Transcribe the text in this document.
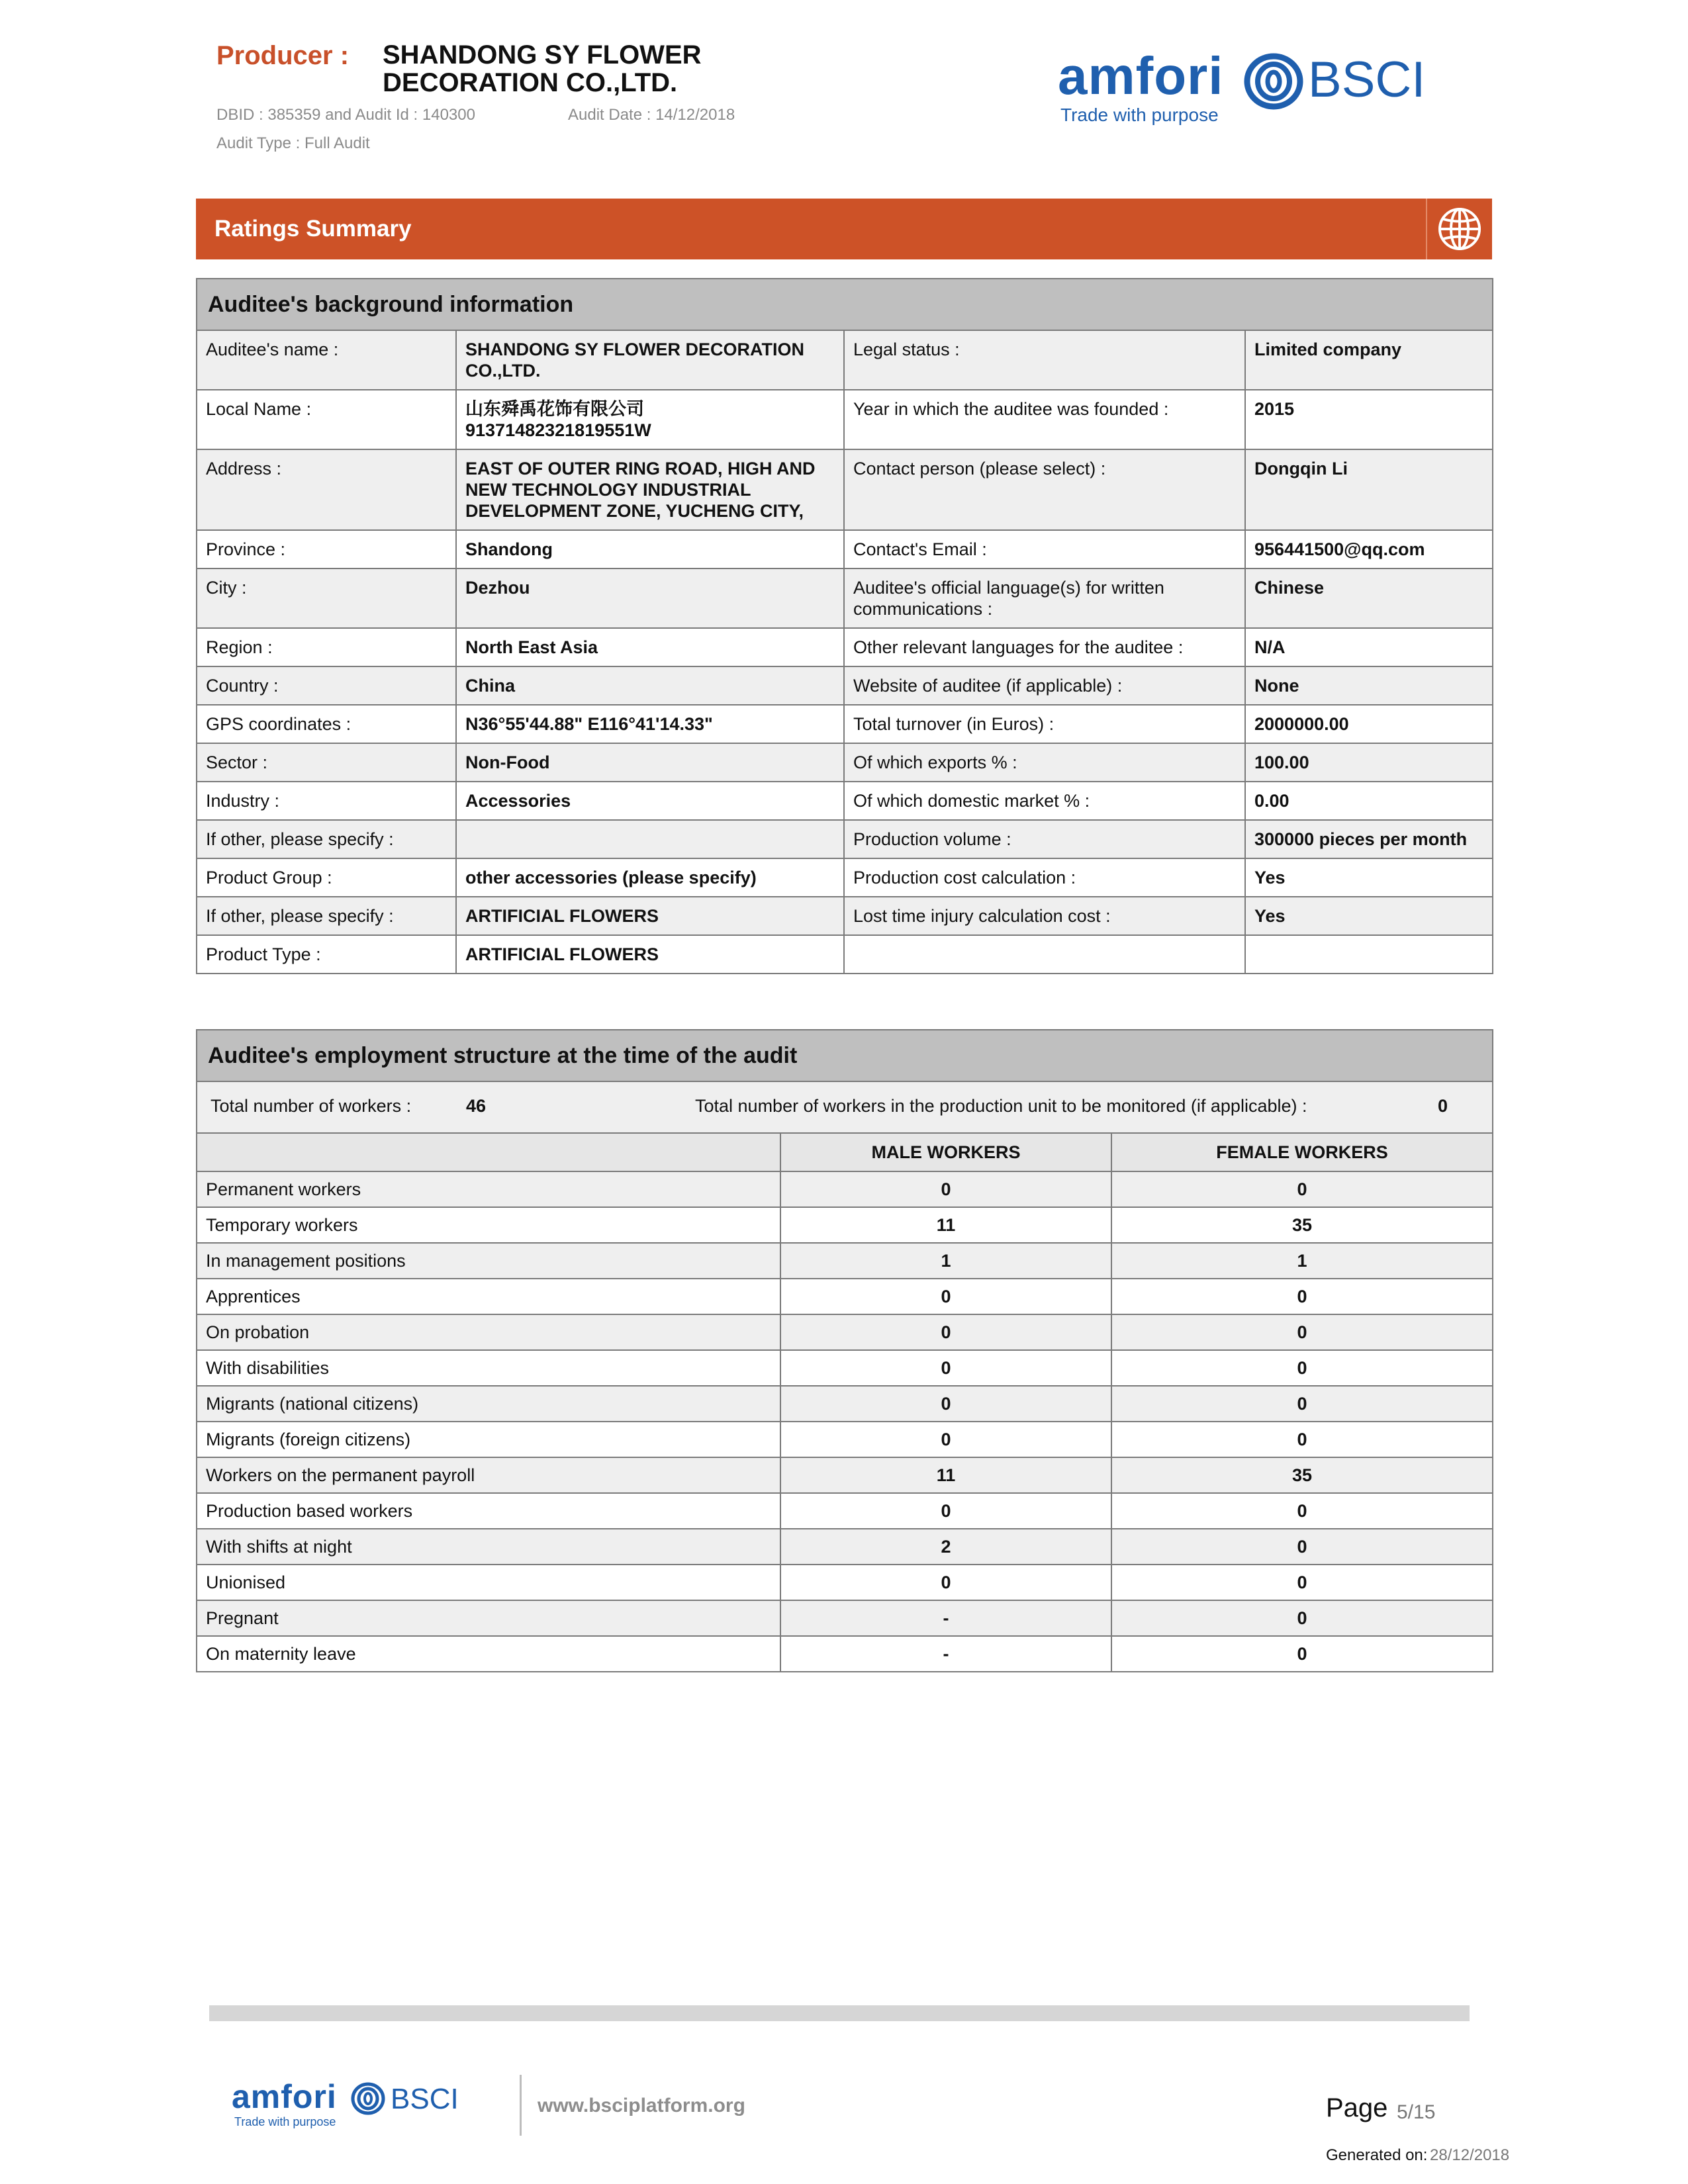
Producer : SHANDONG SY FLOWER
DECORATION CO.,LTD.
DBID : 385359 and Audit Id : 140300	Audit Date : 14/12/2018
Audit Type : Full Audit
amfori BSCI
Trade with purpose
Ratings Summary
Auditee's background information			
Auditee's name :	SHANDONG SY FLOWER DECORATION CO.,LTD.	Legal status :	Limited company
Local Name :	山东舜禹花饰有限公司 91371482321819551W	Year in which the auditee was founded :	2015
Address :	EAST OF OUTER RING ROAD, HIGH AND NEW TECHNOLOGY INDUSTRIAL DEVELOPMENT ZONE, YUCHENG CITY,	Contact person (please select) :	Dongqin Li
Province :	Shandong	Contact's Email :	956441500@qq.com
City :	Dezhou	Auditee's official language(s) for written communications :	Chinese
Region :	North East Asia	Other relevant languages for the auditee :	N/A
Country :	China	Website of auditee (if applicable) :	None
GPS coordinates :	N36°55'44.88" E116°41'14.33"	Total turnover (in Euros) :	2000000.00
Sector :	Non-Food	Of which exports % :	100.00
Industry :	Accessories	Of which domestic market % :	0.00
If other, please specify :		Production volume :	300000 pieces per month
Product Group :	other accessories (please specify)	Production cost calculation :	Yes
If other, please specify :	ARTIFICIAL FLOWERS	Lost time injury calculation cost :	Yes
Product Type :	ARTIFICIAL FLOWERS		
Auditee's employment structure at the time of the audit		

Total number of workers : 46 Total number of workers in the production unit to be monitored (if applicable) : 0		

	MALE WORKERS	FEMALE WORKERS
Permanent workers	0	0
Temporary workers	11	35
In management positions	1	1
Apprentices	0	0
On probation	0	0
With disabilities	0	0
Migrants (national citizens)	0	0
Migrants (foreign citizens)	0	0
Workers on the permanent payroll	11	35
Production based workers	0	0
With shifts at night	2	0
Unionised	0	0
Pregnant	-	0
On maternity leave	-	0
amfori BSCI
Trade with purpose
www.bsciplatform.org	Page 5/15
Generated on: 28/12/2018
